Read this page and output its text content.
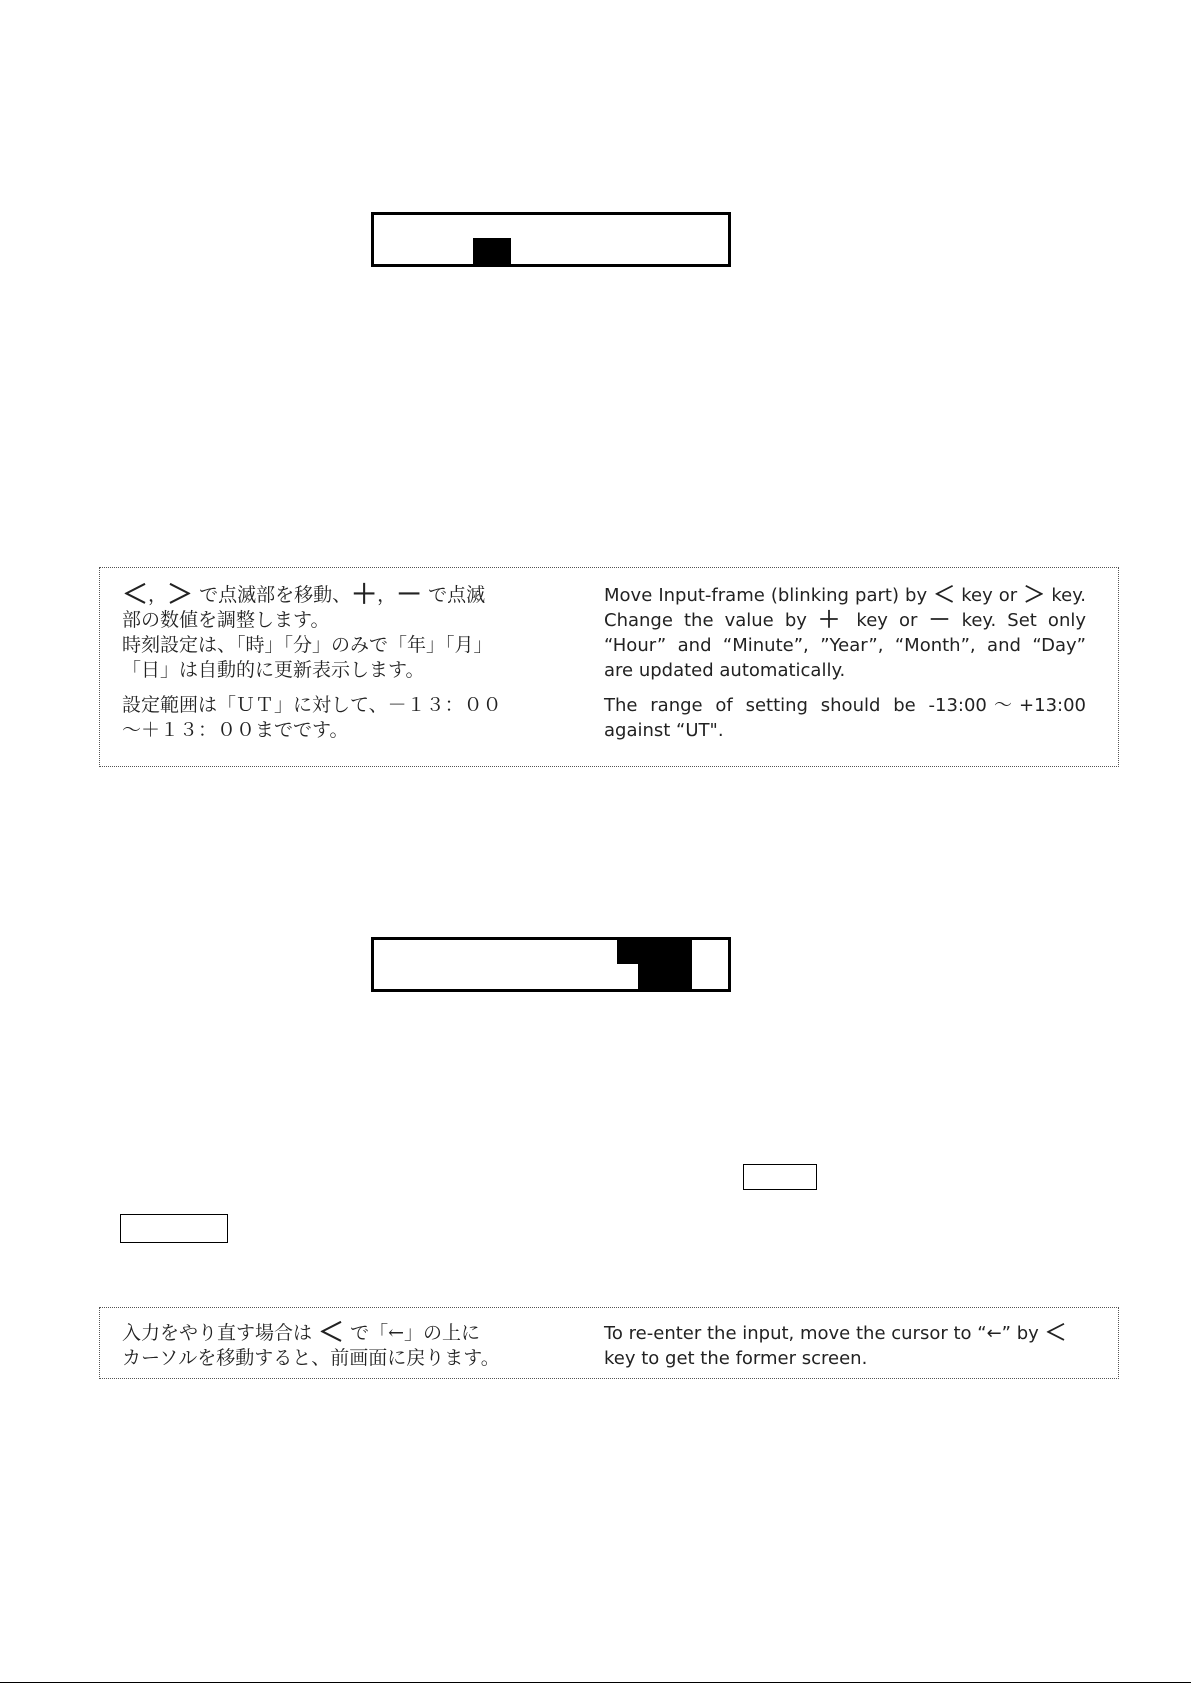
＜，＞ で点滅部を移動、＋，－ で点滅
部の数値を調整します。
時刻設定は、「時」「分」のみで「年」「月」
「日」は自動的に更新表示します。
設定範囲は「ＵＴ」に対して、－１３：００
～＋１３：００までです。
Move Input-frame (blinking part) by ＜ key or ＞ key. Change the value by ＋ key or － key. Set only “Hour” and “Minute”, ”Year”, “Month”, and “Day” are updated automatically.
The range of setting should be -13:00～+13:00 against “UT".
入力をやり直す場合は ＜ で「←」の上に
カーソルを移動すると、前画面に戻ります。
To re-enter the input, move the cursor to “←” by ＜
key to get the former screen.
